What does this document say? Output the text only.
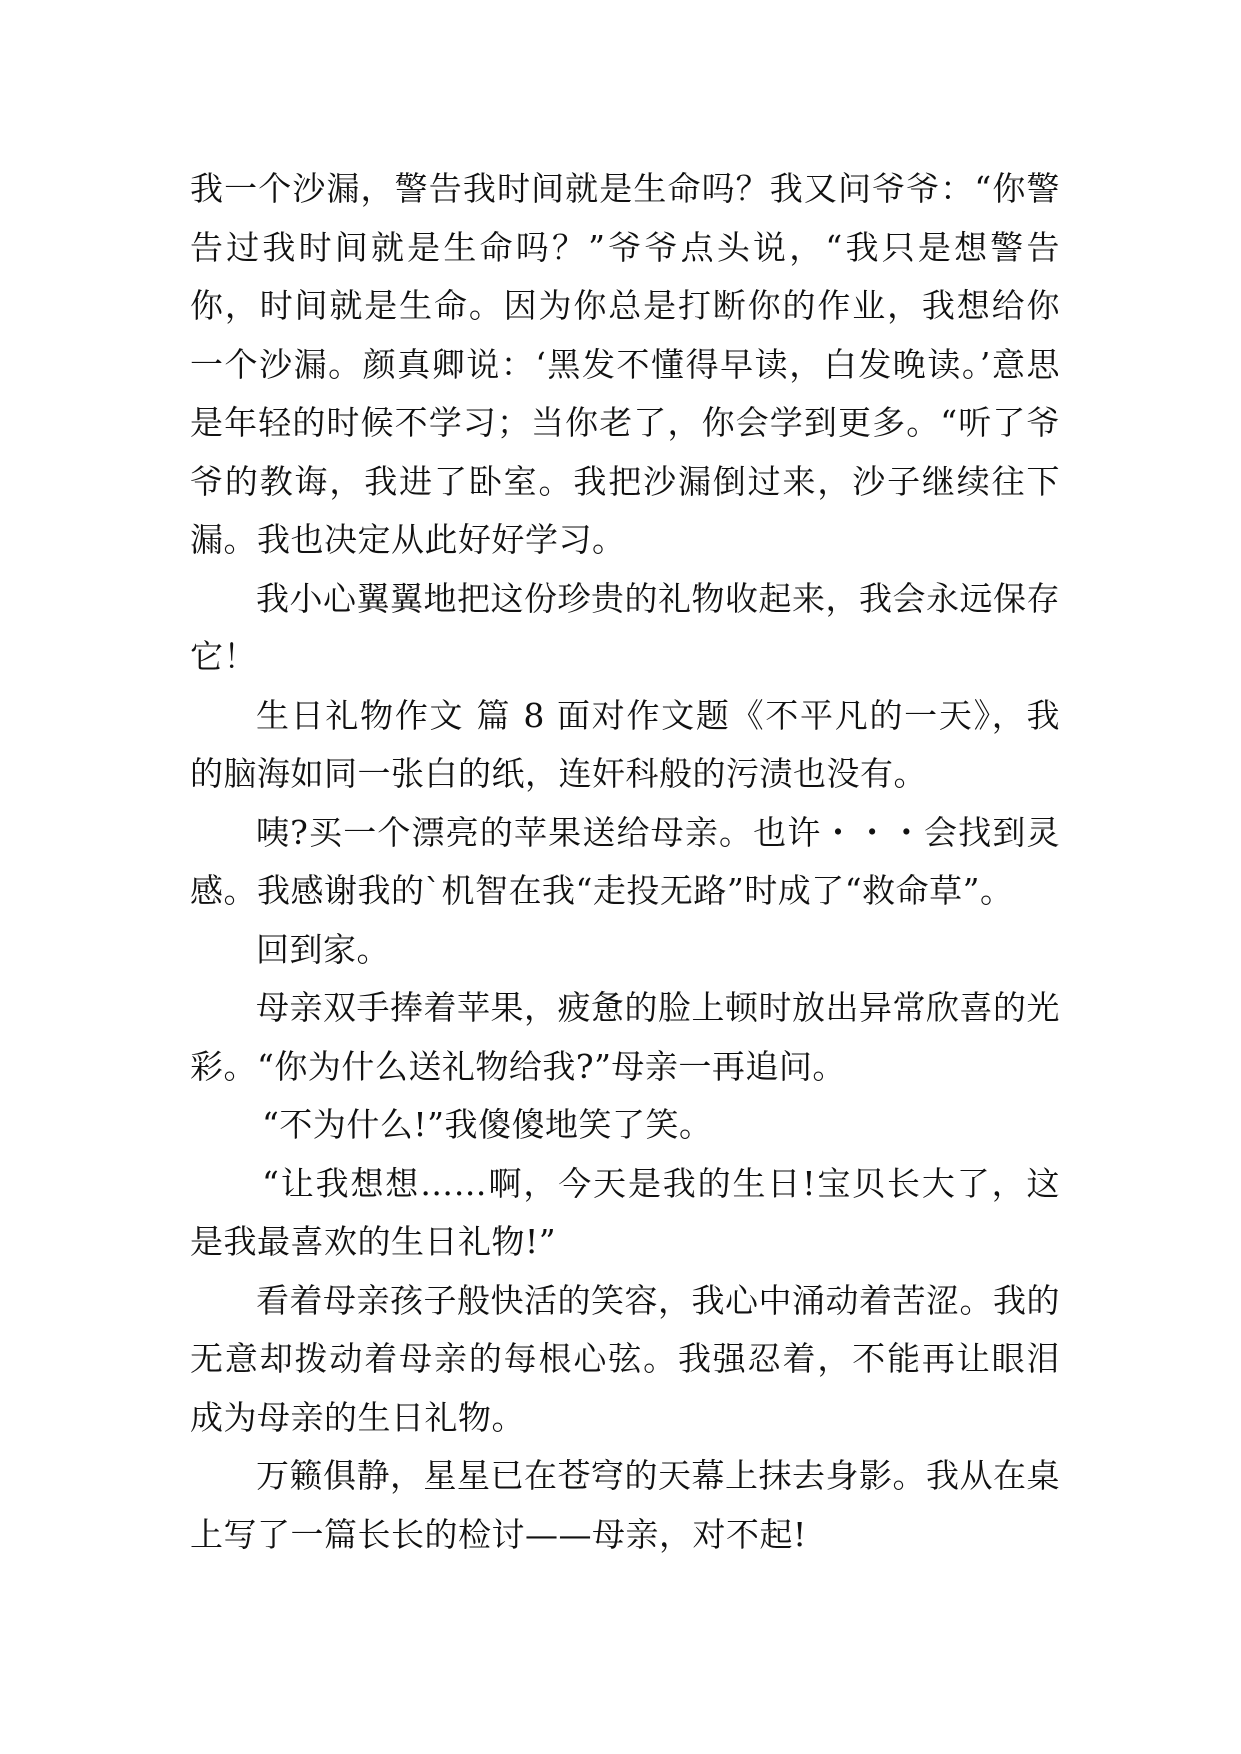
我一个沙漏，警告我时间就是生命吗？我又问爷爷：“你警告过我时间就是生命吗？”爷爷点头说，“我只是想警告你，时间就是生命。因为你总是打断你的作业，我想给你一个沙漏。颜真卿说：‘黑发不懂得早读，白发晚读。’意思是年轻的时候不学习；当你老了，你会学到更多。“听了爷爷的教诲，我进了卧室。我把沙漏倒过来，沙子继续往下漏。我也决定从此好好学习。

我小心翼翼地把这份珍贵的礼物收起来，我会永远保存它！

生日礼物作文 篇 8 面对作文题《不平凡的一天》，我的脑海如同一张白的纸，连奸科般的污渍也没有。

咦?买一个漂亮的苹果送给母亲。也许・・・会找到灵感。我感谢我的`机智在我“走投无路”时成了“救命草”。

回到家。

母亲双手捧着苹果，疲惫的脸上顿时放出异常欣喜的光彩。“你为什么送礼物给我?”母亲一再追问。

“不为什么!”我傻傻地笑了笑。

“让我想想……啊，今天是我的生日!宝贝长大了，这是我最喜欢的生日礼物!”

看着母亲孩子般快活的笑容，我心中涌动着苦涩。我的无意却拨动着母亲的每根心弦。我强忍着，不能再让眼泪成为母亲的生日礼物。

万籁俱静，星星已在苍穹的天幕上抹去身影。我从在桌上写了一篇长长的检讨——母亲，对不起!
